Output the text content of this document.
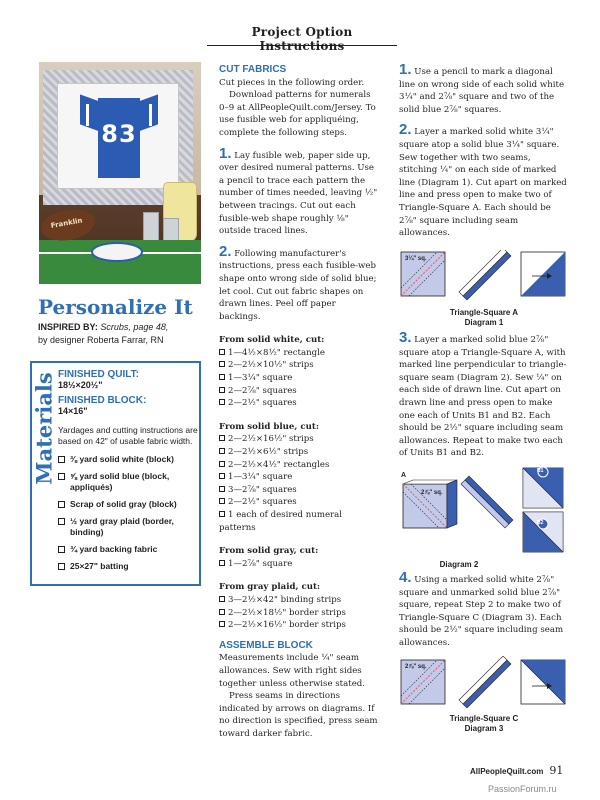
Project Option Instructions
83
Franklin
Personalize It
INSPIRED BY: Scrubs, page 48,
by designer Roberta Farrar, RN
Materials FINISHED QUILT:
18½×20½"
FINISHED BLOCK:
14×16"
Yardages and cutting instructions are based on 42" of usable fabric width.
⅜ yard solid white (block)
⅝ yard solid blue (block, appliqués)
Scrap of solid gray (block)
½ yard gray plaid (border, binding)
¾ yard backing fabric
25×27" batting
CUT FABRICS

Cut pieces in the following order.

Download patterns for numerals 0–9 at AllPeopleQuilt.com/Jersey. To use fusible web for appliquéing, complete the following steps.

1. Lay fusible web, paper side up, over desired numeral patterns. Use a pencil to trace each pattern the number of times needed, leaving ½" between tracings. Cut out each fusible-web shape roughly ⅛" outside traced lines.

2. Following manufacturer's instructions, press each fusible-web shape onto wrong side of solid blue; let cool. Cut out fabric shapes on drawn lines. Peel off paper backings.

From solid white, cut:

1—4½×8½" rectangle

2—2½×10½" strips

1—3¼" square

2—2⅞" squares

2—2½" squares

From solid blue, cut:

2—2½×16½" strips

2—2½×6½" strips

2—2½×4½" rectangles

1—3¼" square

3—2⅞" squares

2—2½" squares

1 each of desired numeral patterns

From solid gray, cut:

1—2⅞" square

From gray plaid, cut:

3—2½×42" binding strips

2—2½×18½" border strips

2—2½×16½" border strips

ASSEMBLE BLOCK

Measurements include ¼" seam allowances. Sew with right sides together unless otherwise stated.

Press seams in directions indicated by arrows on diagrams. If no direction is specified, press seam toward darker fabric.

1. Use a pencil to mark a diagonal line on wrong side of each solid white 3¼" and 2⅞" square and two of the solid blue 2⅞" squares.

2. Layer a marked solid white 3¼" square atop a solid blue 3¼" square. Sew together with two seams, stitching ¼" on each side of marked line (Diagram 1). Cut apart on marked line and press open to make two of Triangle-Square A. Each should be 2⅞" square including seam allowances.

3¼" sq.
Triangle-Square A
Diagram 1

3. Layer a marked solid blue 2⅞" square atop a Triangle-Square A, with marked line perpendicular to triangle-square seam (Diagram 2). Sew ¼" on each side of drawn line. Cut apart on drawn line and press open to make one each of Units B1 and B2. Each should be 2½" square including seam allowances. Repeat to make two each of Units B1 and B2.

A
2⅞" sq.
B1
B2
Diagram 2

4. Using a marked solid white 2⅞" square and unmarked solid blue 2⅞" square, repeat Step 2 to make two of Triangle-Square C (Diagram 3). Each should be 2½" square including seam allowances.

2⅞" sq.
Triangle-Square C
Diagram 3
AllPeopleQuilt.com 91
PassionForum.ru
